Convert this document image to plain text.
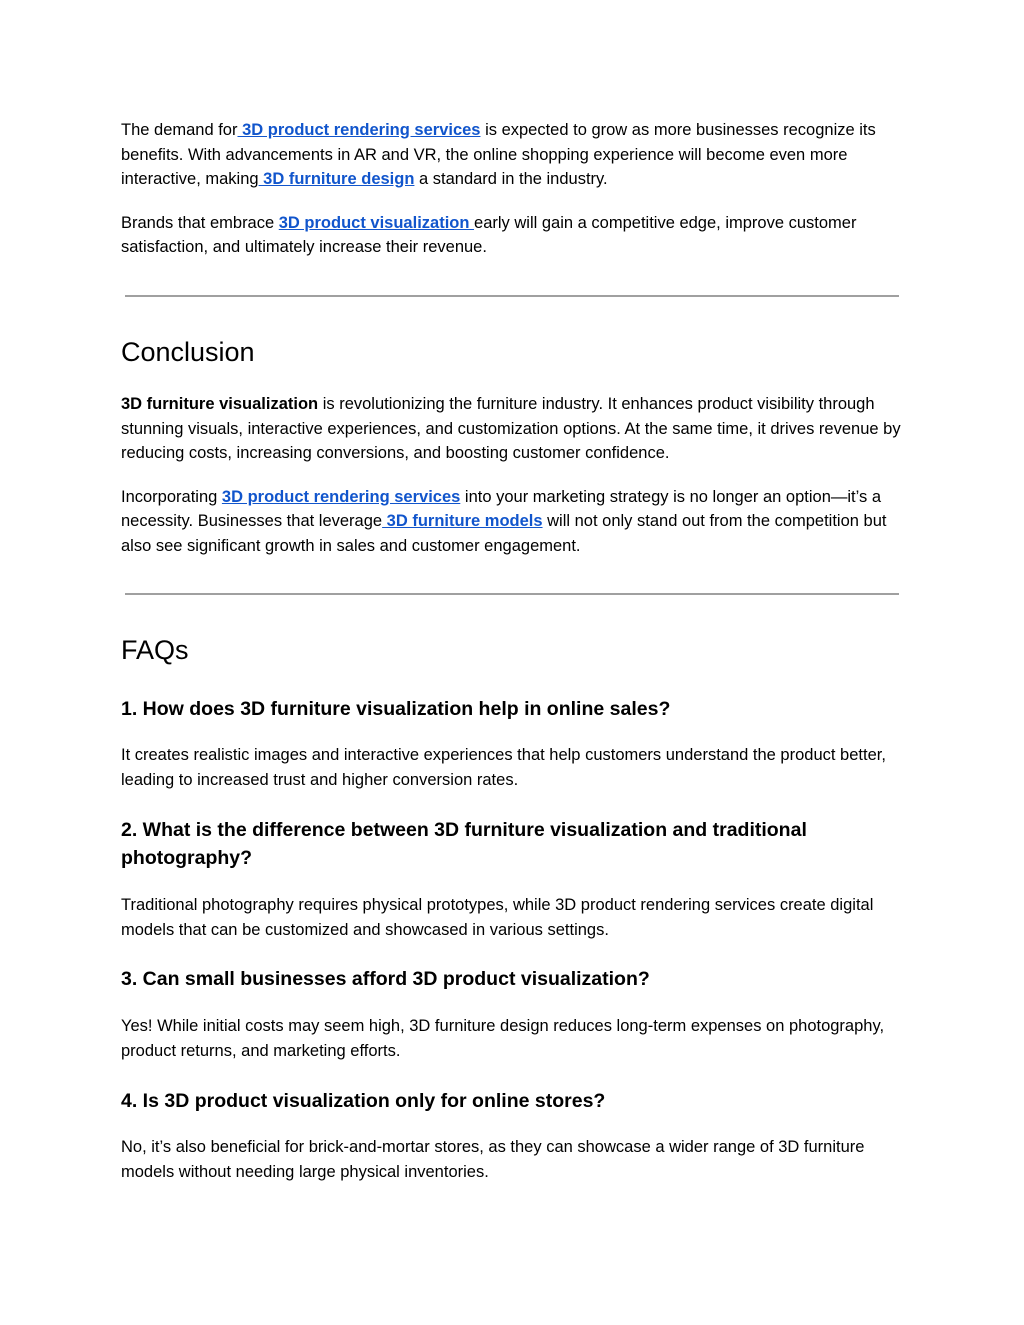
The demand for 3D product rendering services is expected to grow as more businesses recognize its benefits. With advancements in AR and VR, the online shopping experience will become even more interactive, making 3D furniture design a standard in the industry.

Brands that embrace 3D product visualization early will gain a competitive edge, improve customer satisfaction, and ultimately increase their revenue.

Conclusion

3D furniture visualization is revolutionizing the furniture industry. It enhances product visibility through stunning visuals, interactive experiences, and customization options. At the same time, it drives revenue by reducing costs, increasing conversions, and boosting customer confidence.

Incorporating 3D product rendering services into your marketing strategy is no longer an option—it’s a necessity. Businesses that leverage 3D furniture models will not only stand out from the competition but also see significant growth in sales and customer engagement.

FAQs
1. How does 3D furniture visualization help in online sales?

It creates realistic images and interactive experiences that help customers understand the product better, leading to increased trust and higher conversion rates.

2. What is the difference between 3D furniture visualization and traditional photography?

Traditional photography requires physical prototypes, while 3D product rendering services create digital models that can be customized and showcased in various settings.

3. Can small businesses afford 3D product visualization?

Yes! While initial costs may seem high, 3D furniture design reduces long-term expenses on photography, product returns, and marketing efforts.

4. Is 3D product visualization only for online stores?

No, it’s also beneficial for brick-and-mortar stores, as they can showcase a wider range of 3D furniture models without needing large physical inventories.
